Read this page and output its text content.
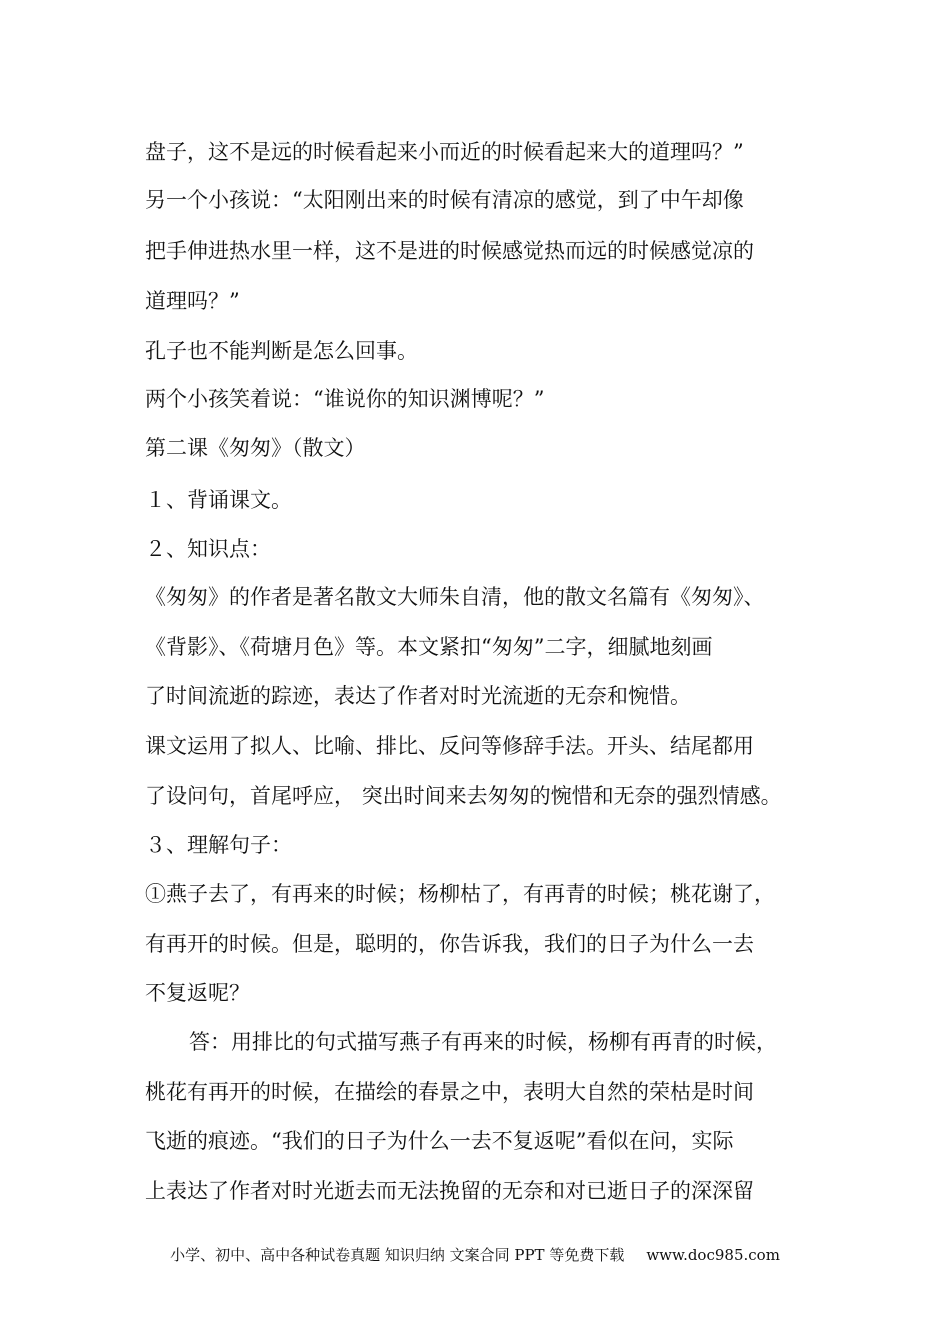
盘子，这不是远的时候看起来小而近的时候看起来大的道理吗？”
另一个小孩说：“太阳刚出来的时候有清凉的感觉，到了中午却像
把手伸进热水里一样，这不是进的时候感觉热而远的时候感觉凉的
道理吗？”
孔子也不能判断是怎么回事。
两个小孩笑着说：“谁说你的知识渊博呢？”
第二课《匆匆》（散文）
１、背诵课文。
２、知识点：
《匆匆》的作者是著名散文大师朱自清，他的散文名篇有《匆匆》、
《背影》、《荷塘月色》等。本文紧扣“匆匆”二字，细腻地刻画
了时间流逝的踪迹，表达了作者对时光流逝的无奈和惋惜。
课文运用了拟人、比喻、排比、反问等修辞手法。开头、结尾都用
了设问句，首尾呼应， 突出时间来去匆匆的惋惜和无奈的强烈情感。
３、理解句子：
①燕子去了，有再来的时候；杨柳枯了，有再青的时候；桃花谢了，
有再开的时候。但是，聪明的，你告诉我，我们的日子为什么一去
不复返呢？
答：用排比的句式描写燕子有再来的时候，杨柳有再青的时候，
桃花有再开的时候，在描绘的春景之中，表明大自然的荣枯是时间
飞逝的痕迹。“我们的日子为什么一去不复返呢”看似在问，实际
上表达了作者对时光逝去而无法挽留的无奈和对已逝日子的深深留
小学、初中、高中各种试卷真题 知识归纳 文案合同 PPT 等免费下载 www.doc985.com
